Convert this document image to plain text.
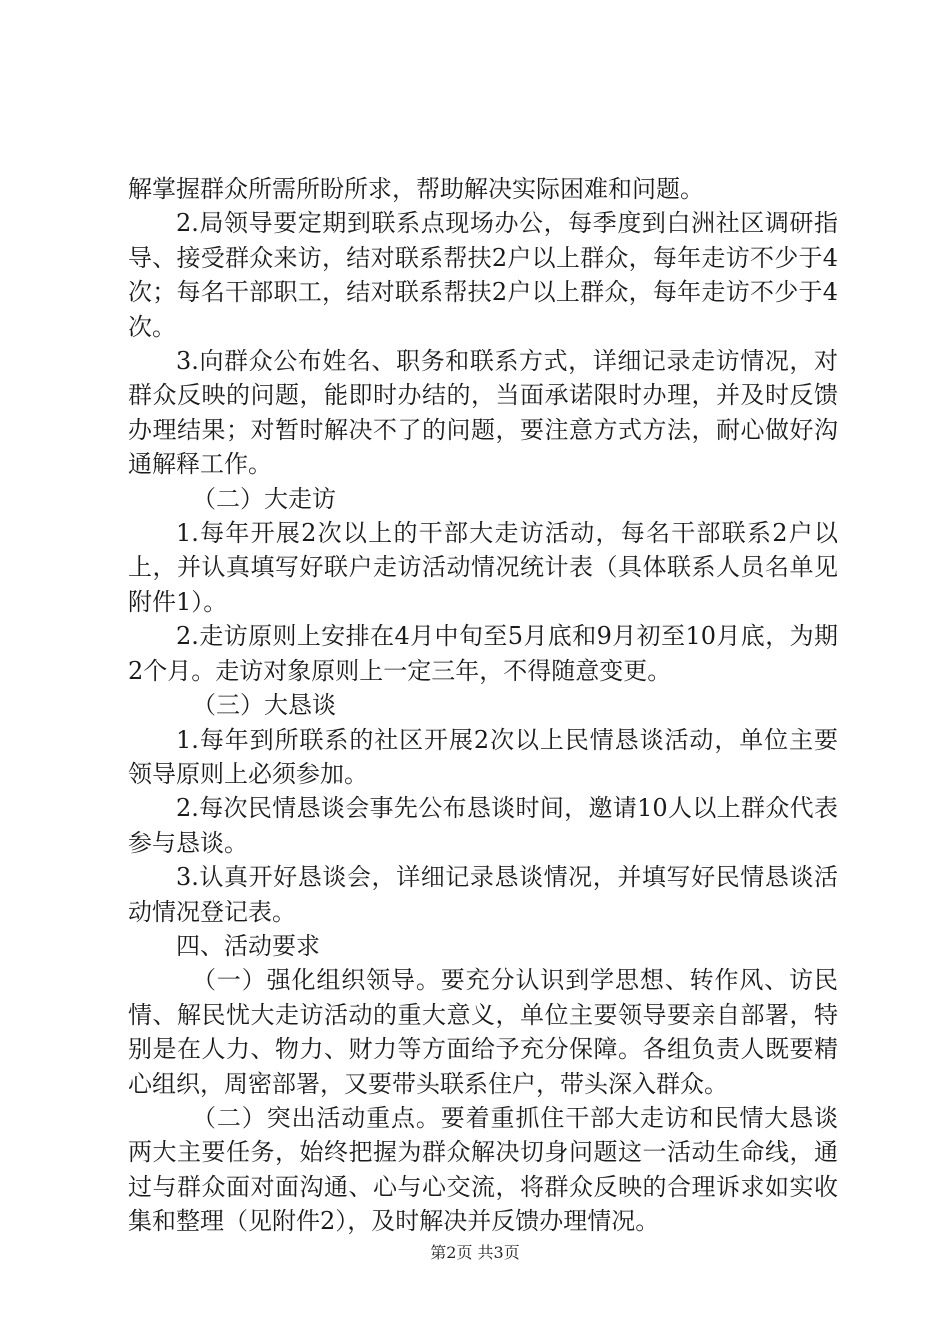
解掌握群众所需所盼所求，帮助解决实际困难和问题。

2.局领导要定期到联系点现场办公，每季度到白洲社区调研指导、接受群众来访，结对联系帮扶2户以上群众，每年走访不少于4次；每名干部职工，结对联系帮扶2户以上群众，每年走访不少于4次。

3.向群众公布姓名、职务和联系方式，详细记录走访情况，对群众反映的问题，能即时办结的，当面承诺限时办理，并及时反馈办理结果；对暂时解决不了的问题，要注意方式方法，耐心做好沟通解释工作。

（二）大走访

1.每年开展2次以上的干部大走访活动，每名干部联系2户以上，并认真填写好联户走访活动情况统计表（具体联系人员名单见附件1）。

2.走访原则上安排在4月中旬至5月底和9月初至10月底，为期2个月。走访对象原则上一定三年，不得随意变更。

（三）大恳谈

1.每年到所联系的社区开展2次以上民情恳谈活动，单位主要领导原则上必须参加。

2.每次民情恳谈会事先公布恳谈时间，邀请10人以上群众代表参与恳谈。

3.认真开好恳谈会，详细记录恳谈情况，并填写好民情恳谈活动情况登记表。

四、活动要求

（一）强化组织领导。要充分认识到学思想、转作风、访民情、解民忧大走访活动的重大意义，单位主要领导要亲自部署，特别是在人力、物力、财力等方面给予充分保障。各组负责人既要精心组织，周密部署，又要带头联系住户，带头深入群众。

（二）突出活动重点。要着重抓住干部大走访和民情大恳谈两大主要任务，始终把握为群众解决切身问题这一活动生命线，通过与群众面对面沟通、心与心交流，将群众反映的合理诉求如实收集和整理（见附件2），及时解决并反馈办理情况。

第2页 共3页
